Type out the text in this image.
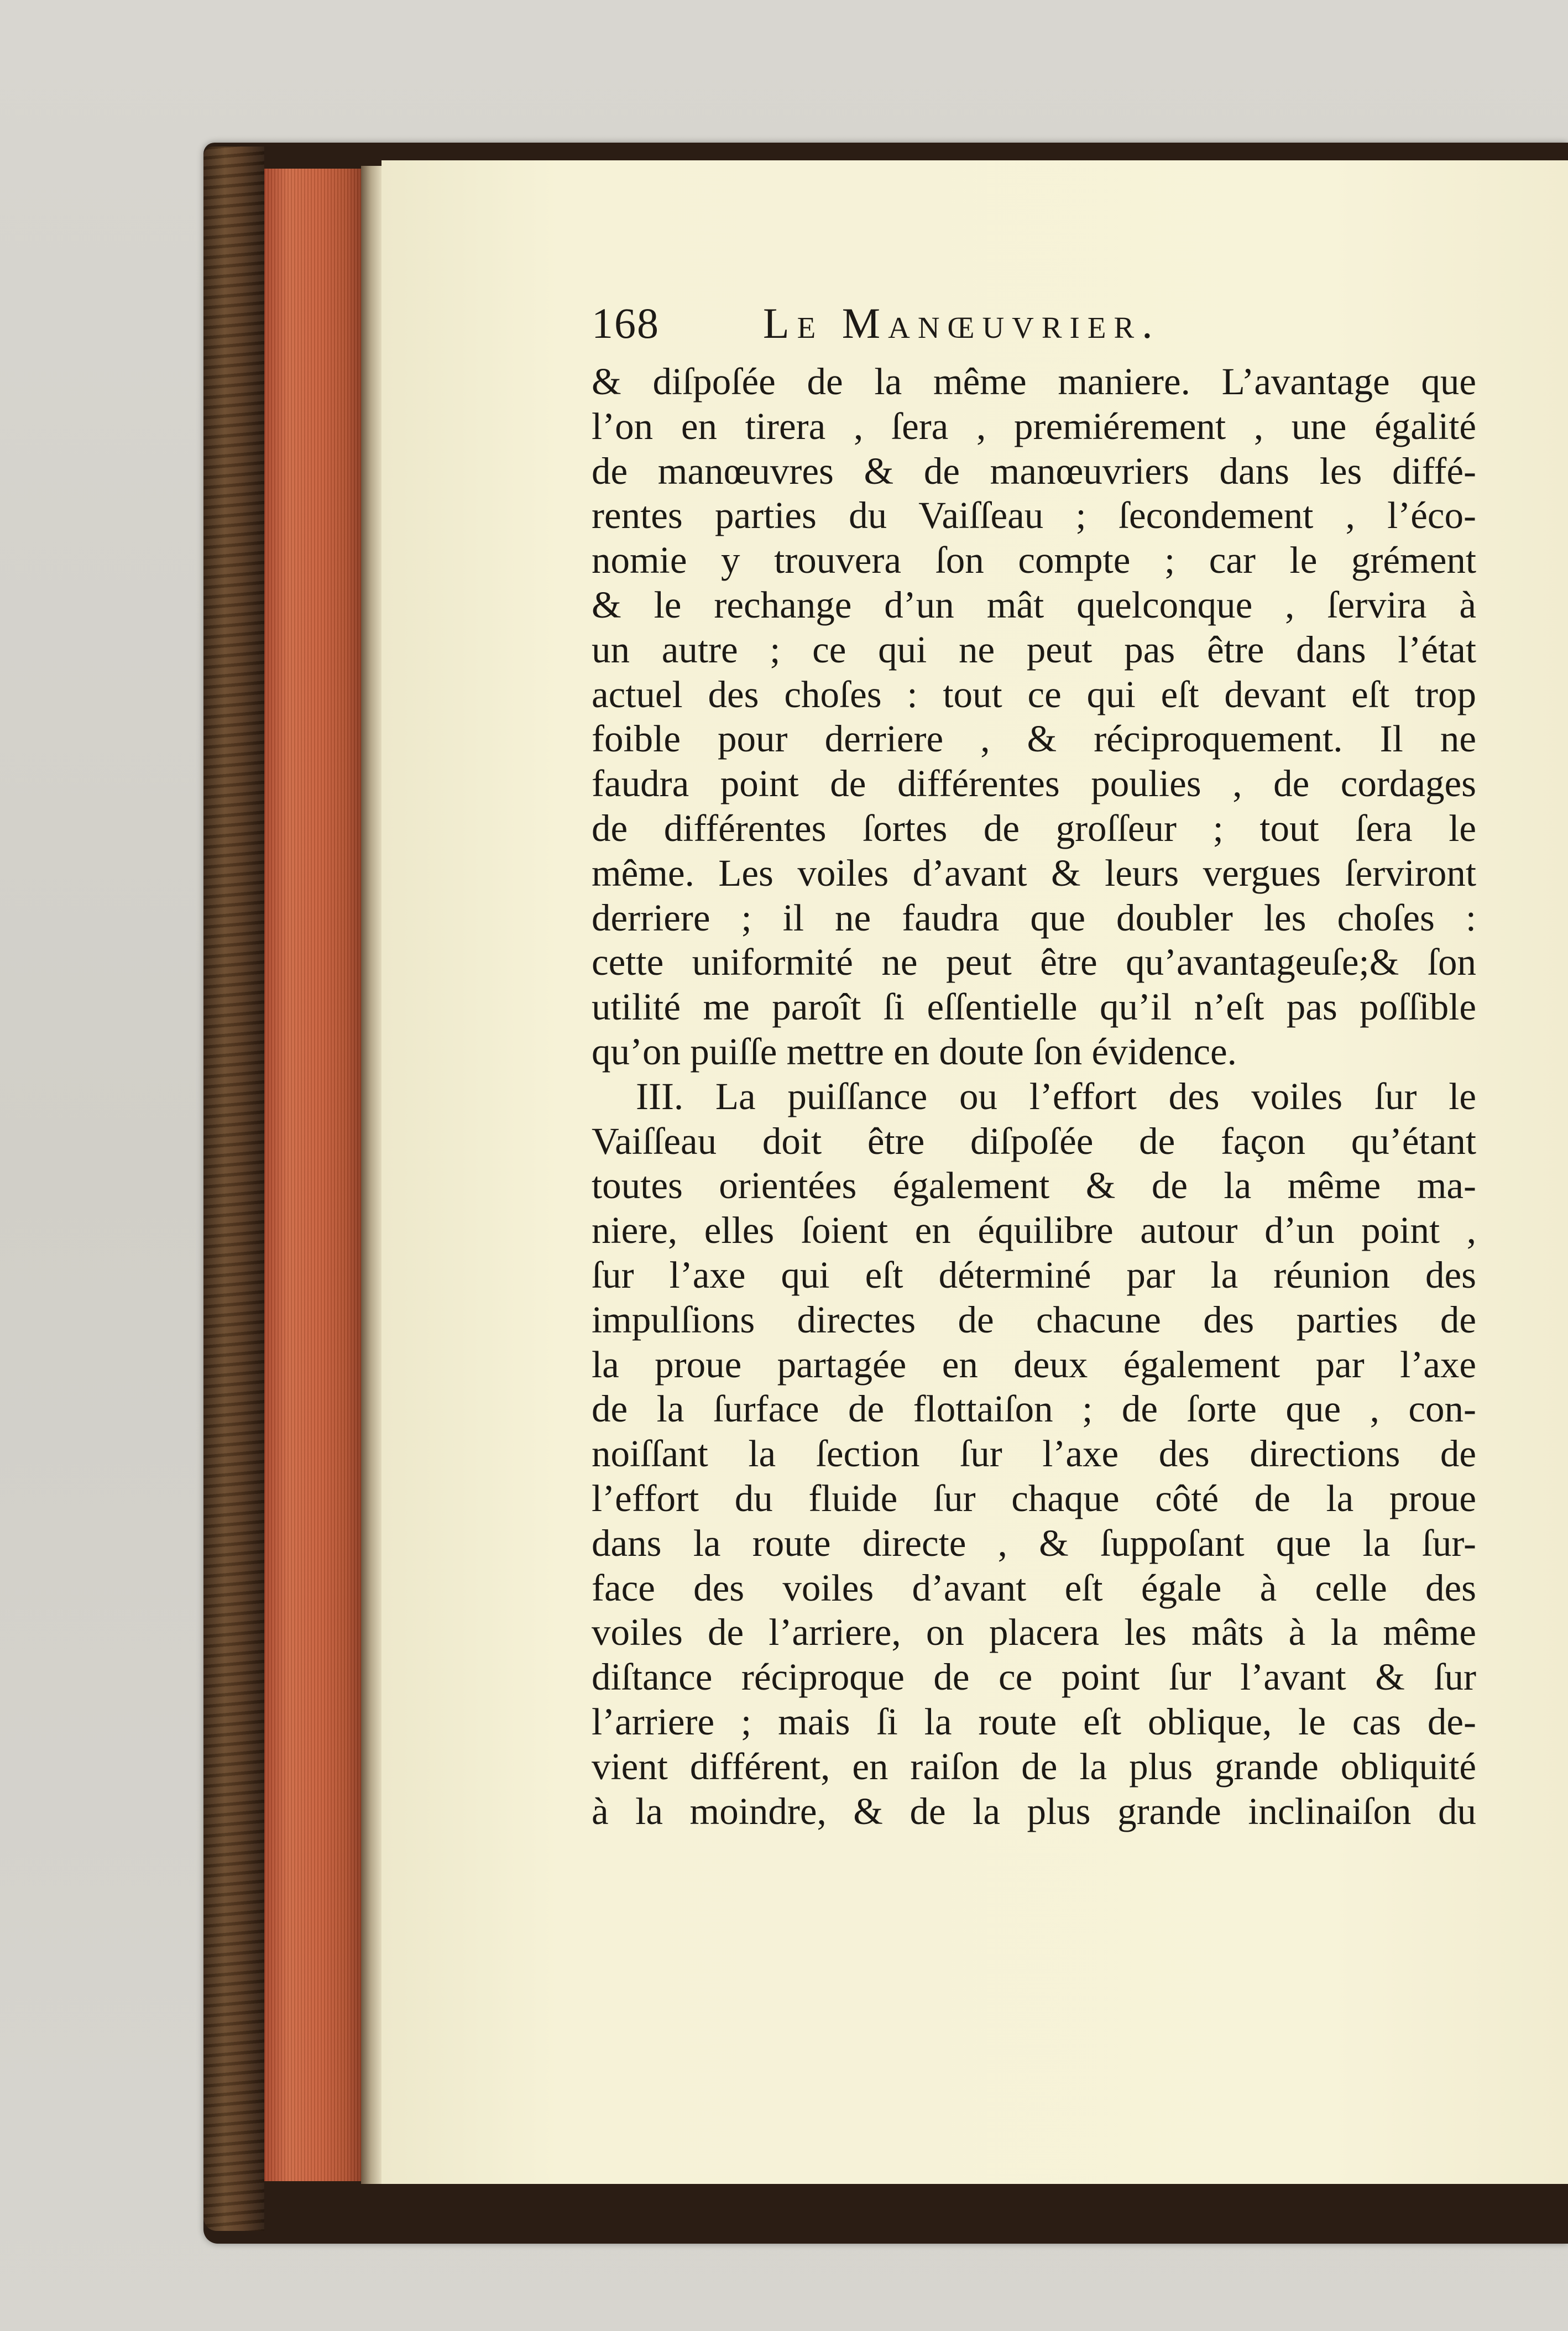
168 Le Manœuvrier.
& diſpoſée de la même maniere. L’avantage que
l’on en tirera , ſera , premiérement , une égalité
de manœuvres & de manœuvriers dans les diffé-
rentes parties du Vaiſſeau ; ſecondement , l’éco-
nomie y trouvera ſon compte ; car le grément
& le rechange d’un mât quelconque , ſervira à
un autre ; ce qui ne peut pas être dans l’état
actuel des choſes : tout ce qui eſt devant eſt trop
foible pour derriere , & réciproquement. Il ne
faudra point de différentes poulies , de cordages
de différentes ſortes de groſſeur ; tout ſera le
même. Les voiles d’avant & leurs vergues ſerviront
derriere ; il ne faudra que doubler les choſes :
cette uniformité ne peut être qu’avantageuſe;& ſon
utilité me paroît ſi eſſentielle qu’il n’eſt pas poſſible
qu’on puiſſe mettre en doute ſon évidence.
III. La puiſſance ou l’effort des voiles ſur le
Vaiſſeau doit être diſpoſée de façon qu’étant
toutes orientées également & de la même ma-
niere, elles ſoient en équilibre autour d’un point ,
ſur l’axe qui eſt déterminé par la réunion des
impulſions directes de chacune des parties de
la proue partagée en deux également par l’axe
de la ſurface de flottaiſon ; de ſorte que , con-
noiſſant la ſection ſur l’axe des directions de
l’effort du fluide ſur chaque côté de la proue
dans la route directe , & ſuppoſant que la ſur-
face des voiles d’avant eſt égale à celle des
voiles de l’arriere, on placera les mâts à la même
diſtance réciproque de ce point ſur l’avant & ſur
l’arriere ; mais ſi la route eſt oblique, le cas de-
vient différent, en raiſon de la plus grande obliquité
à la moindre, & de la plus grande inclinaiſon du
